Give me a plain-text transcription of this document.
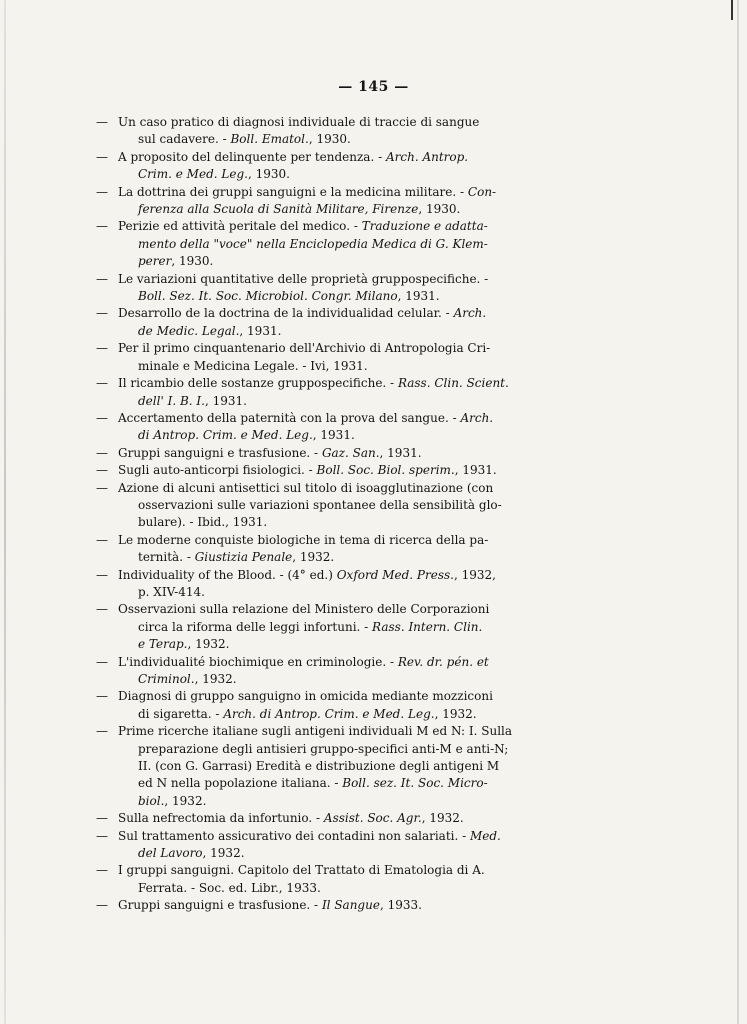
— 145 —

— Un caso pratico di diagnosi individuale di traccie di sangue
sul cadavere. - Boll. Ematol., 1930.

— A proposito del delinquente per tendenza. - Arch. Antrop.
Crim. e Med. Leg., 1930.

— La dottrina dei gruppi sanguigni e la medicina militare. - Con-
ferenza alla Scuola di Sanità Militare, Firenze, 1930.

— Perizie ed attività peritale del medico. - Traduzione e adatta-
mento della "voce" nella Enciclopedia Medica di G. Klem-
perer, 1930.

— Le variazioni quantitative delle proprietà gruppospecifiche. -
Boll. Sez. It. Soc. Microbiol. Congr. Milano, 1931.

— Desarrollo de la doctrina de la individualidad celular. - Arch.
de Medic. Legal., 1931.

— Per il primo cinquantenario dell'Archivio di Antropologia Cri-
minale e Medicina Legale. - Ivi, 1931.

— Il ricambio delle sostanze gruppospecifiche. - Rass. Clin. Scient.
dell' I. B. I., 1931.

— Accertamento della paternità con la prova del sangue. - Arch.
di Antrop. Crim. e Med. Leg., 1931.

— Gruppi sanguigni e trasfusione. - Gaz. San., 1931.

— Sugli auto-anticorpi fisiologici. - Boll. Soc. Biol. sperim., 1931.

— Azione di alcuni antisettici sul titolo di isoagglutinazione (con
osservazioni sulle variazioni spontanee della sensibilità glo-
bulare). - Ibid., 1931.

— Le moderne conquiste biologiche in tema di ricerca della pa-
ternità. - Giustizia Penale, 1932.

— Individuality of the Blood. - (4° ed.) Oxford Med. Press., 1932,
p. XIV-414.

— Osservazioni sulla relazione del Ministero delle Corporazioni
circa la riforma delle leggi infortuni. - Rass. Intern. Clin.
e Terap., 1932.

— L'individualité biochimique en criminologie. - Rev. dr. pén. et
Criminol., 1932.

— Diagnosi di gruppo sanguigno in omicida mediante mozziconi
di sigaretta. - Arch. di Antrop. Crim. e Med. Leg., 1932.

— Prime ricerche italiane sugli antigeni individuali M ed N: I. Sulla
preparazione degli antisieri gruppo-specifici anti-M e anti-N;
II. (con G. Garrasi) Eredità e distribuzione degli antigeni M
ed N nella popolazione italiana. - Boll. sez. It. Soc. Micro-
biol., 1932.

— Sulla nefrectomia da infortunio. - Assist. Soc. Agr., 1932.

— Sul trattamento assicurativo dei contadini non salariati. - Med.
del Lavoro, 1932.

— I gruppi sanguigni. Capitolo del Trattato di Ematologia di A.
Ferrata. - Soc. ed. Libr., 1933.

— Gruppi sanguigni e trasfusione. - Il Sangue, 1933.
